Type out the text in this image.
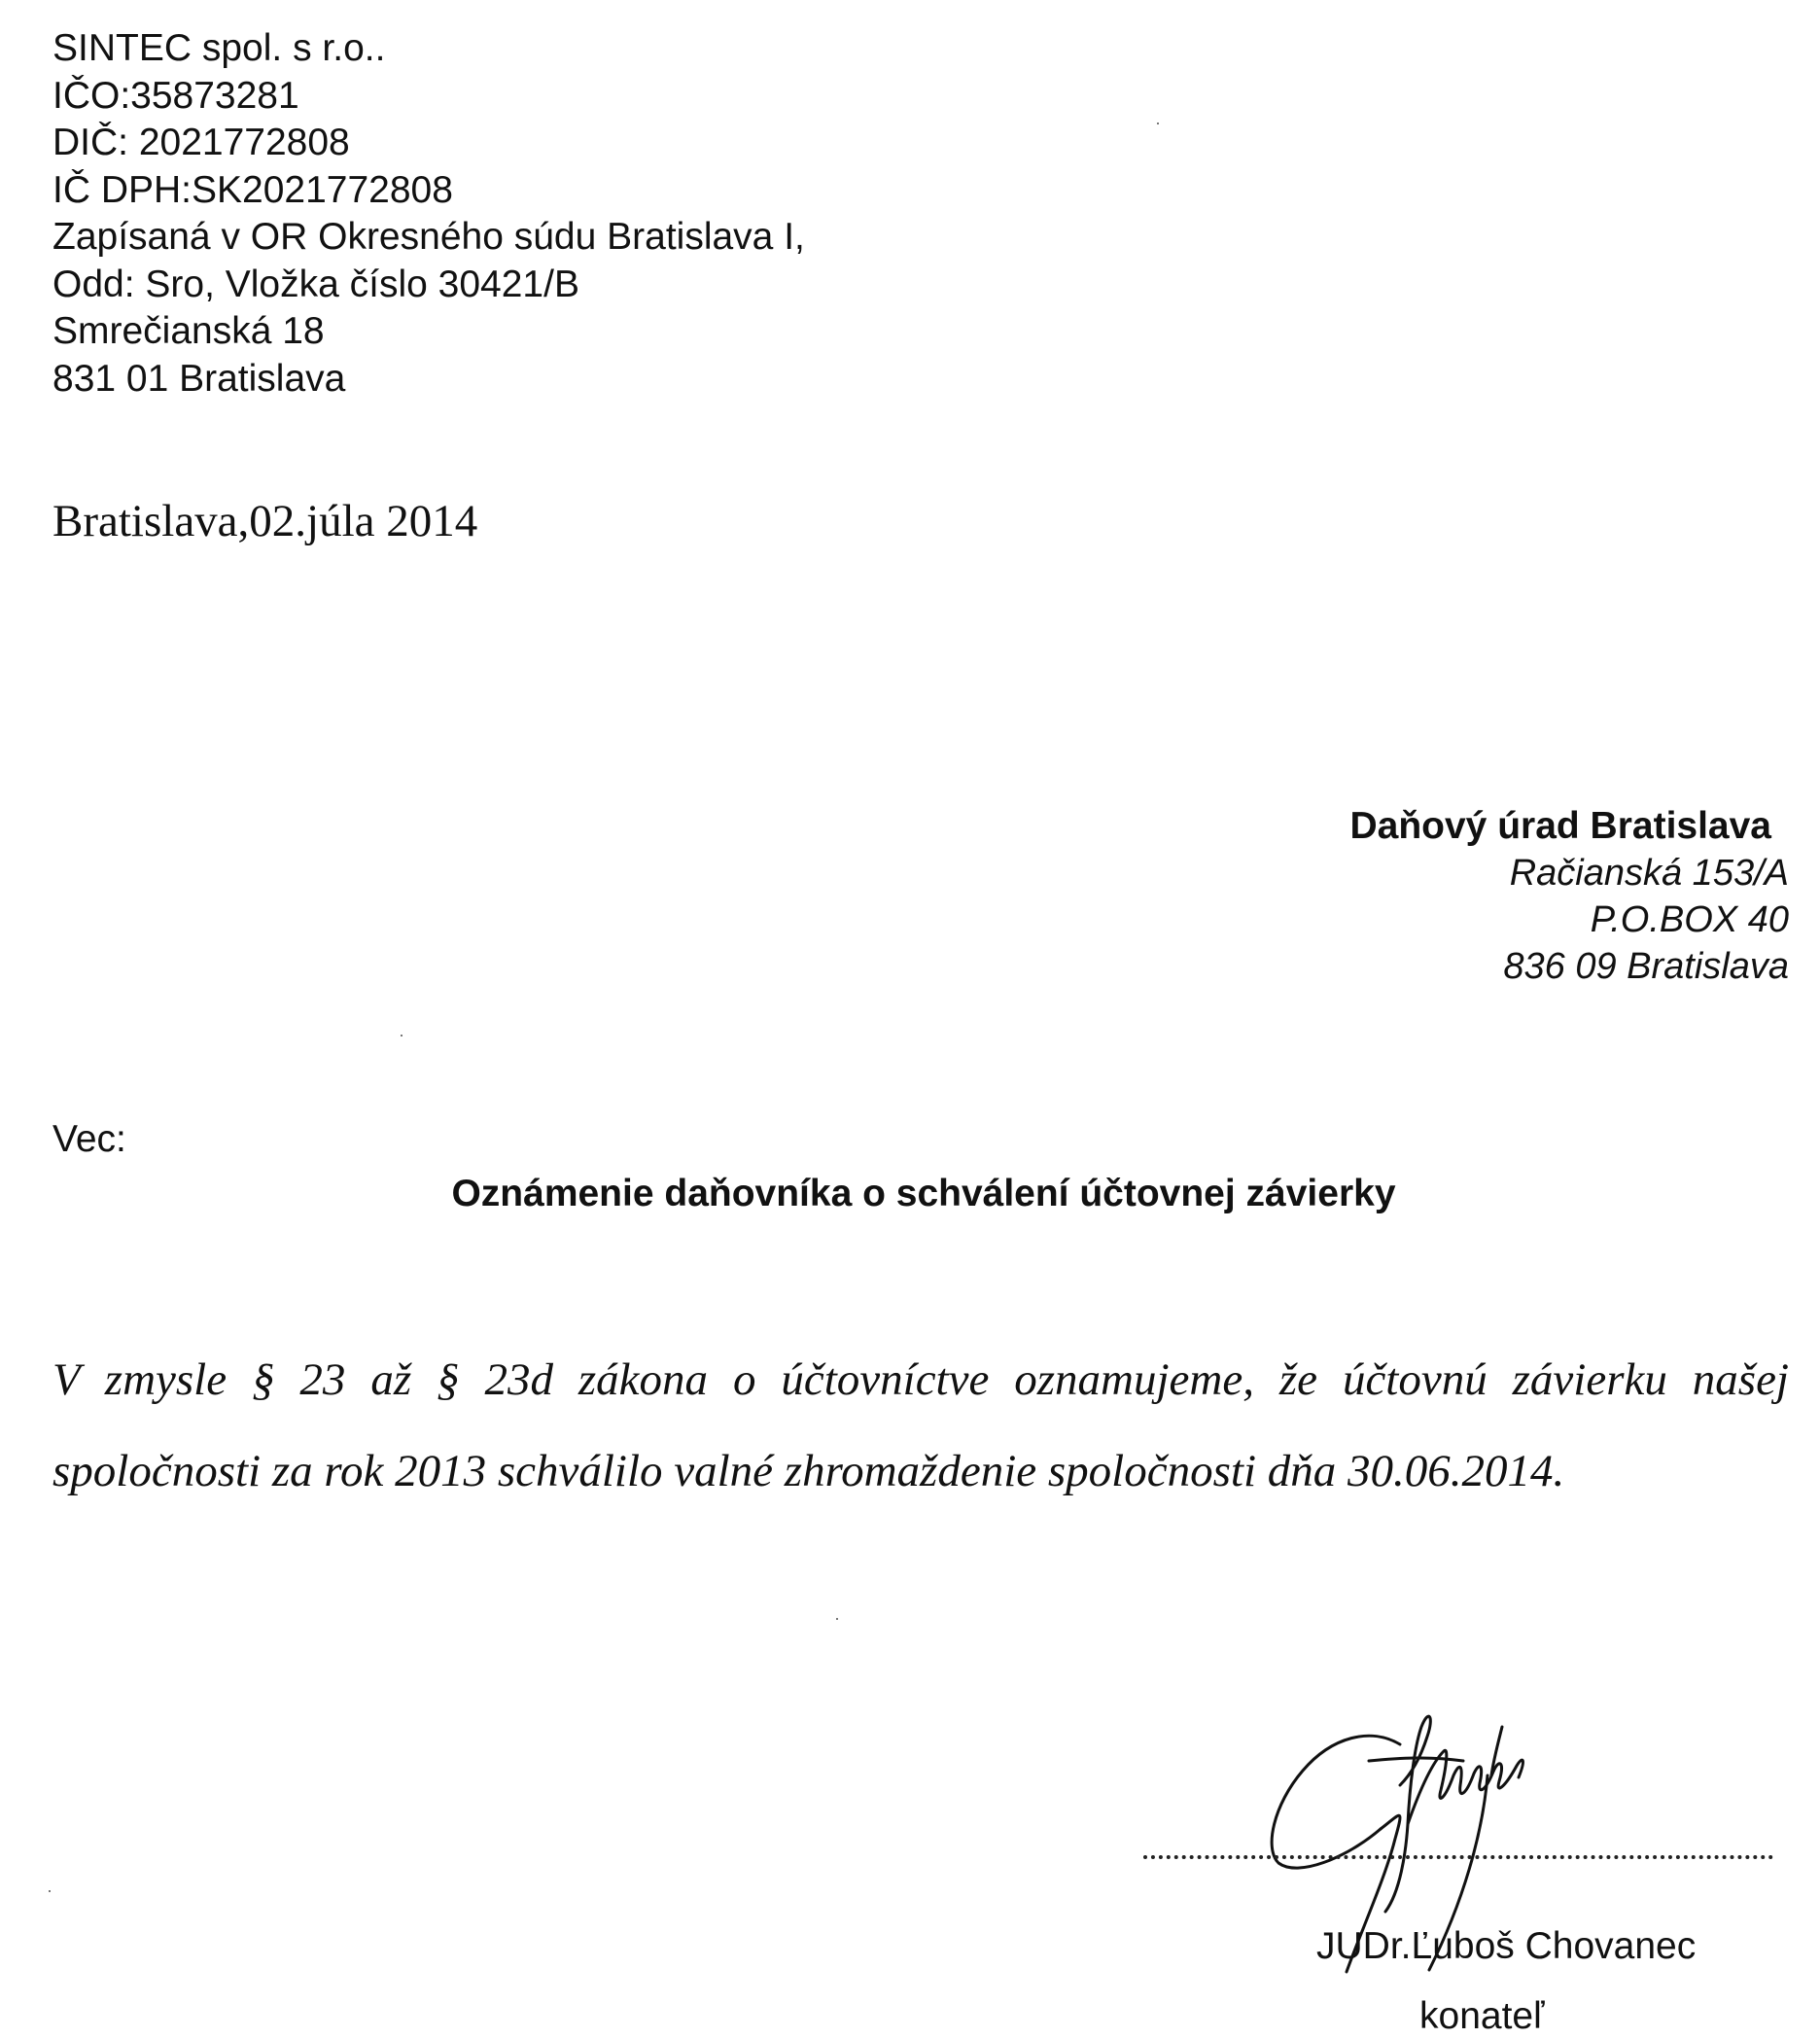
SINTEC spol. s r.o..
IČO:35873281
DIČ: 2021772808
IČ DPH:SK2021772808
Zapísaná v OR Okresného súdu Bratislava I,
Odd: Sro, Vložka číslo 30421/B
Smrečianská 18
831 01 Bratislava
Bratislava,02.júla 2014
Daňový úrad Bratislava
Račianská 153/A
P.O.BOX 40
836 09 Bratislava
Vec:
Oznámenie daňovníka o schválení účtovnej závierky
V zmysle § 23 až § 23d zákona o účtovníctve oznamujeme, že účtovnú závierku našej spoločnosti za rok 2013 schválilo valné zhromaždenie spoločnosti dňa 30.06.2014.
JUDr.Ľuboš Chovanec
konateľ
